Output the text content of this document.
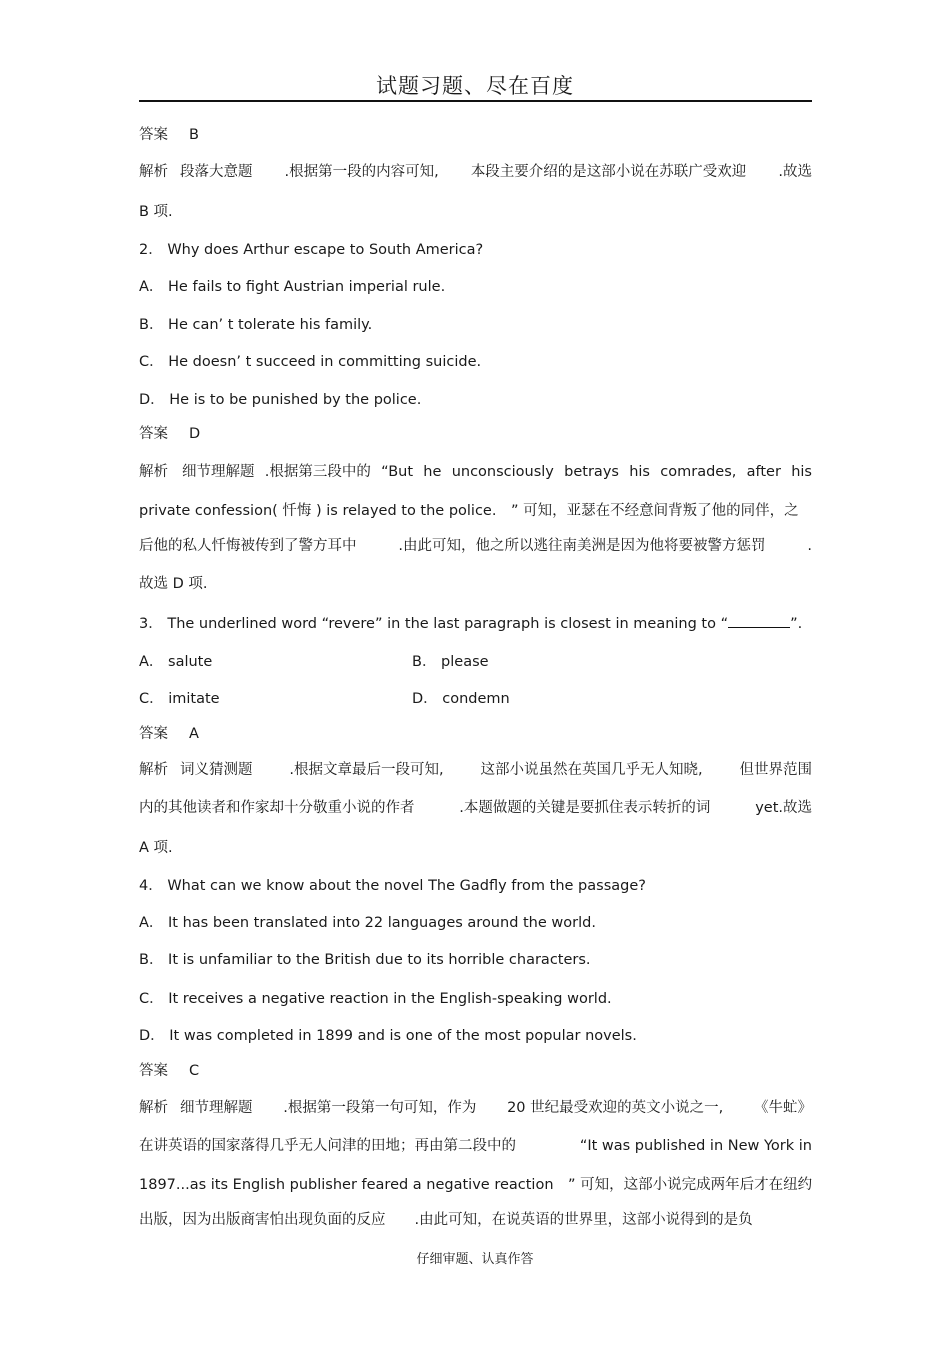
试题习题、尽在百度
答案 B
解析 段落大意题 .根据第一段的内容可知, 本段主要介绍的是这部小说在苏联广受欢迎 .故选
B 项.
2． Why does Arthur escape to South America?
A． He fails to fight Austrian imperial rule.
B． He can’ t tolerate his family.
C． He doesn’ t succeed in committing suicide.
D． He is to be punished by the police.
答案 D
解析 细节理解题 .根据第三段中的 “But he unconsciously betrays his comrades, after his
private confession( 忏悔 ) is relayed to the police.　” 可知，亚瑟在不经意间背叛了他的同伴，之
后他的私人忏悔被传到了警方耳中	.由此可知，他之所以逃往南美洲是因为他将要被警方惩罚	.
故选 D 项.
3． The underlined word “revere” in the last paragraph is closest in meaning to “	”.
A． salute	B． please
C． imitate	D． condemn
答案 A
解析 词义猜测题	.根据文章最后一段可知,	这部小说虽然在英国几乎无人知晓,	但世界范围
内的其他读者和作家却十分敬重小说的作者	.本题做题的关键是要抓住表示转折的词	yet.故选
A 项.
4． What can we know about the novel The Gadfly from the passage?
A． It has been translated into 22 languages around the world.
B． It is unfamiliar to the British due to its horrible characters.
C． It receives a negative reaction in the English-speaking world.
D． It was completed in 1899 and is one of the most popular novels.
答案 C
解析 细节理解题 .根据第一段第一句可知，作为 20 世纪最受欢迎的英文小说之一, 《牛虻》
在讲英语的国家落得几乎无人问津的田地；再由第二段中的	“It was published in New York in
1897...as its English publisher feared a negative reaction　” 可知，这部小说完成两年后才在纽约
出版，因为出版商害怕出现负面的反应　　.由此可知，在说英语的世界里，这部小说得到的是负
仔细审题、认真作答
